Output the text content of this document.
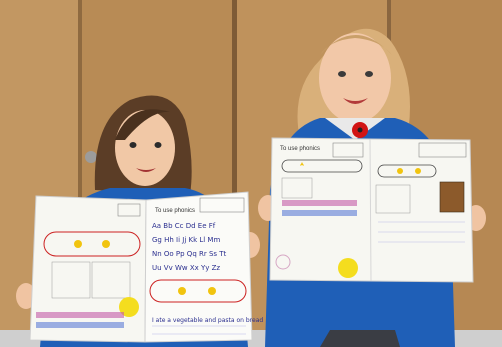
To use phonics
To use phonics
Aa Bb Cc Dd Ee Ff
Gg Hh Ii Jj Kk Ll Mm
Nn Oo Pp Qq Rr Ss Tt
Uu Vv Ww Xx Yy Zz
I ate a vegetable and pasta on bread
